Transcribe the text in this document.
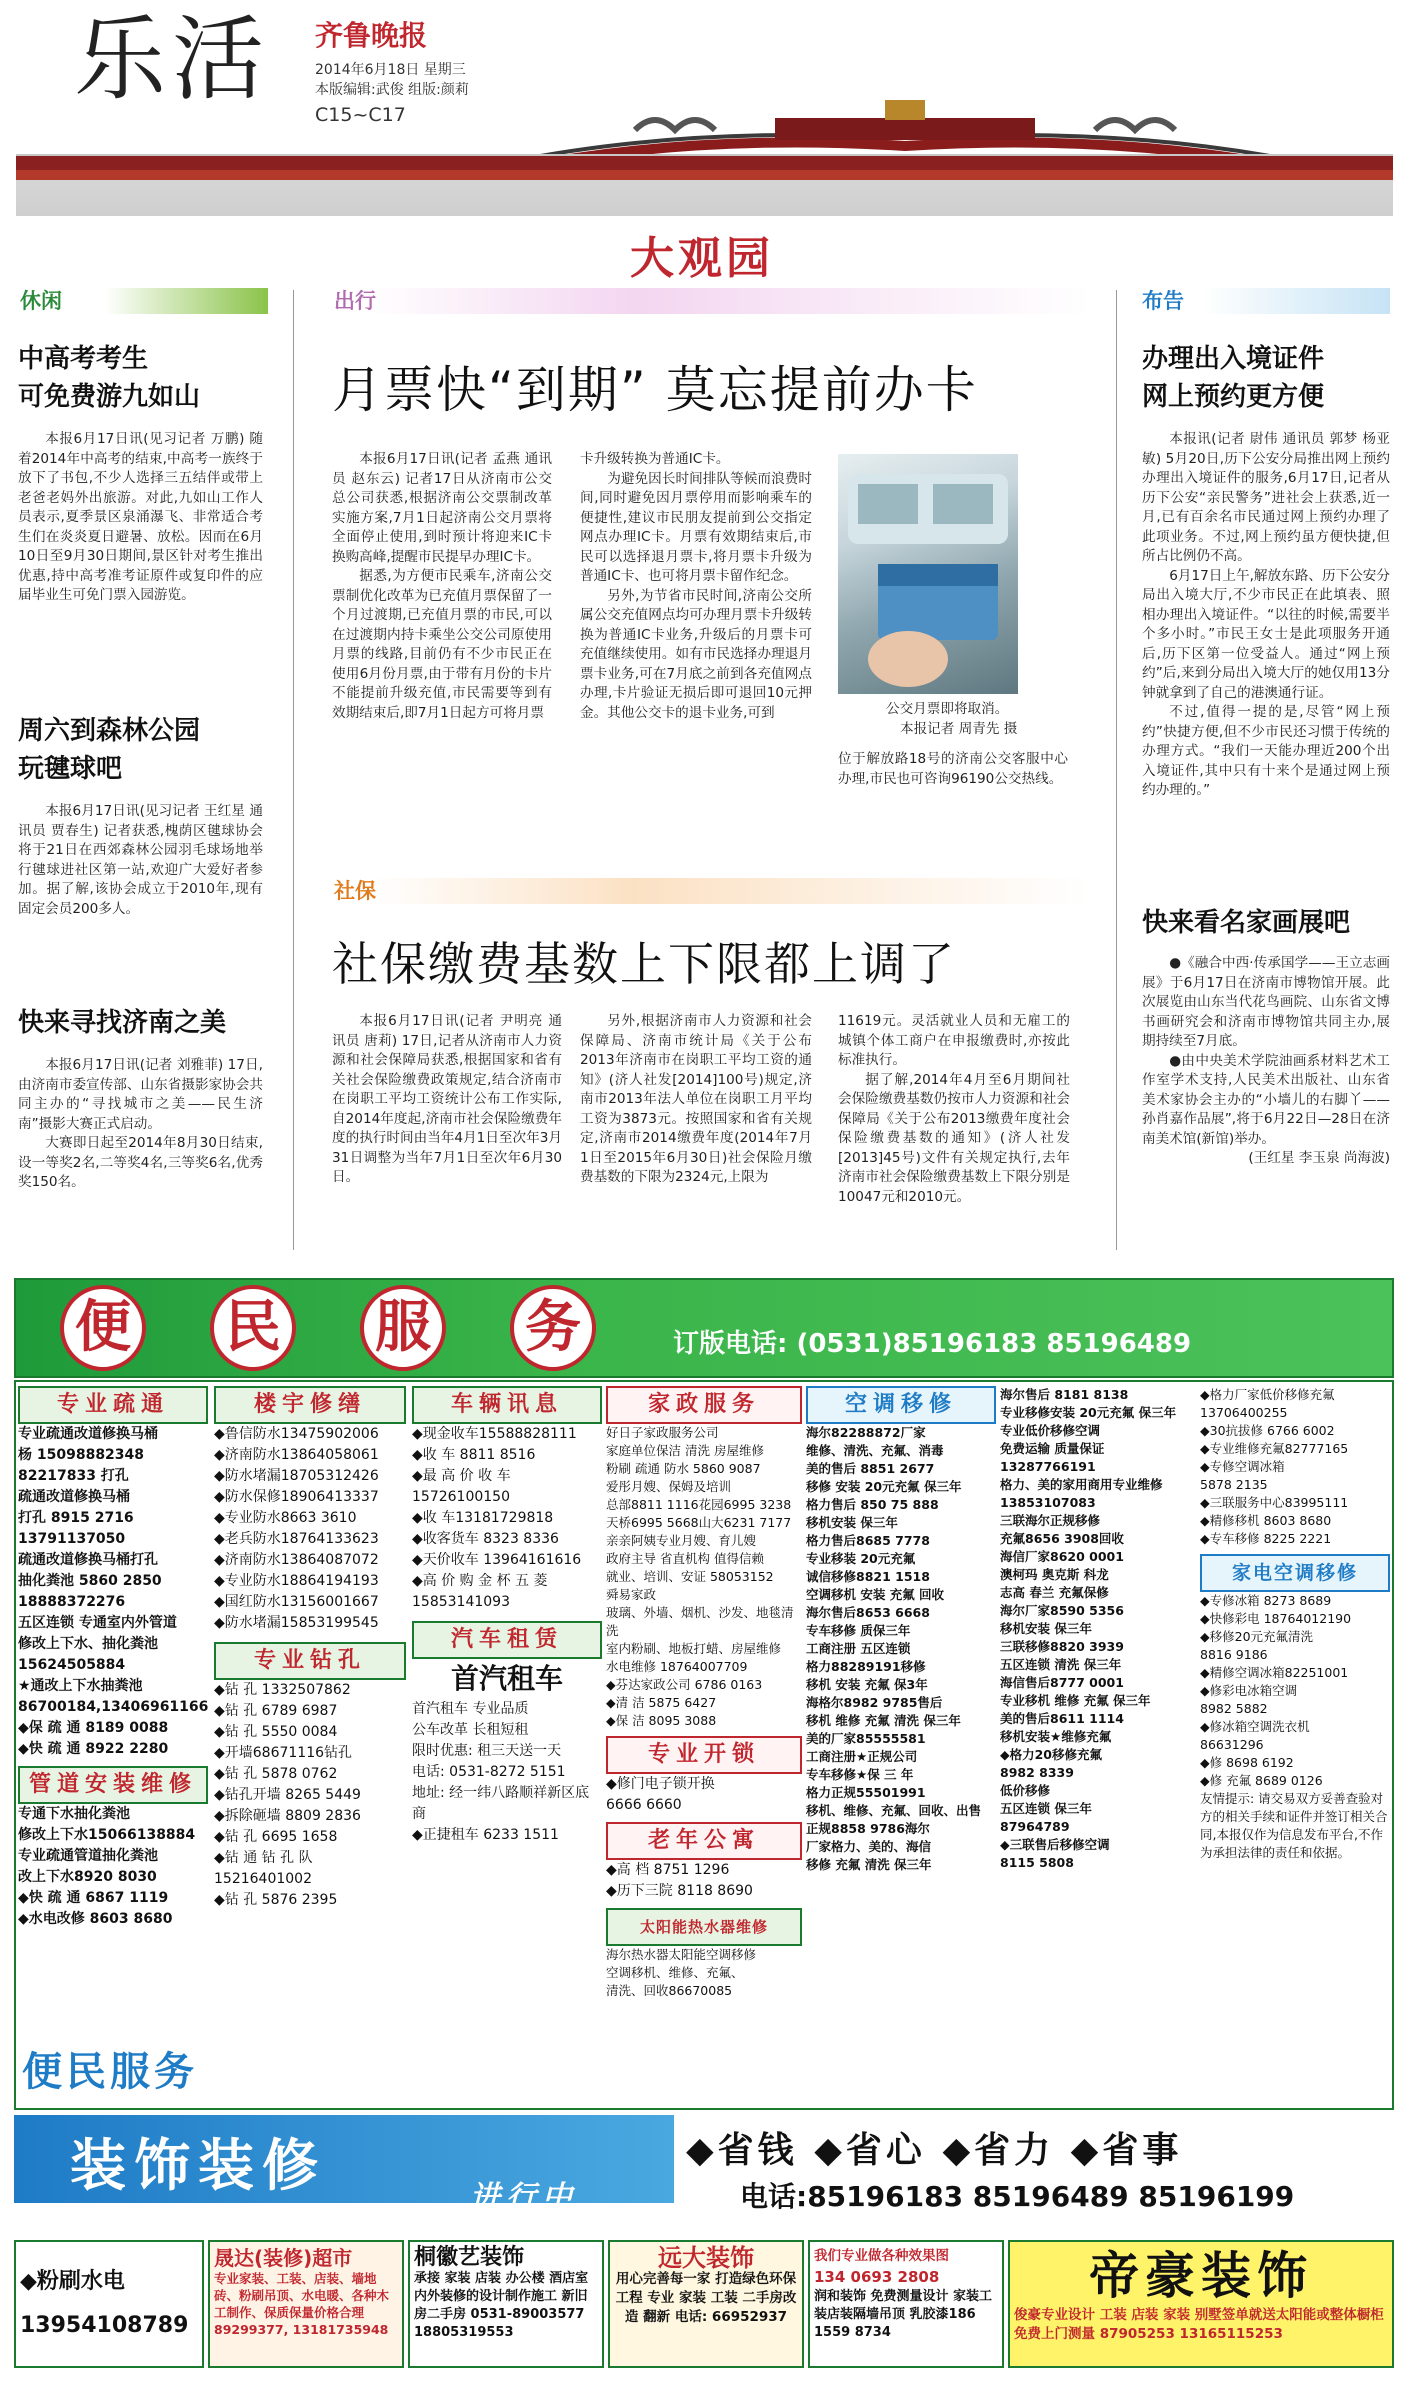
乐活 齐鲁晚报
2014年6月18日 星期三
本版编辑:武俊 组版:颜莉
C15~C17
大观园
休闲	出行	布告
中高考考生
可免费游九如山
本报6月17日讯(见习记者 万鹏) 随着2014年中高考的结束,中高考一族终于放下了书包,不少人选择三五结伴或带上老爸老妈外出旅游。对此,九如山工作人员表示,夏季景区泉涌瀑飞、非常适合考生们在炎炎夏日避暑、放松。因而在6月10日至9月30日期间,景区针对考生推出优惠,持中高考准考证原件或复印件的应届毕业生可免门票入园游览。
周六到森林公园
玩毽球吧
本报6月17日讯(见习记者 王红星 通讯员 贾春生) 记者获悉,槐荫区毽球协会将于21日在西郊森林公园羽毛球场地举行毽球进社区第一站,欢迎广大爱好者参加。据了解,该协会成立于2010年,现有固定会员200多人。
快来寻找济南之美
本报6月17日讯(记者 刘雅菲) 17日,由济南市委宣传部、山东省摄影家协会共同主办的“寻找城市之美——民生济南”摄影大赛正式启动。
大赛即日起至2014年8月30日结束,设一等奖2名,二等奖4名,三等奖6名,优秀奖150名。
月票快“到期” 莫忘提前办卡
本报6月17日讯(记者 孟燕 通讯员 赵东云) 记者17日从济南市公交总公司获悉,根据济南公交票制改革实施方案,7月1日起济南公交月票将全面停止使用,到时预计将迎来IC卡换购高峰,提醒市民提早办理IC卡。
据悉,为方便市民乘车,济南公交票制优化改革为已充值月票保留了一个月过渡期,已充值月票的市民,可以在过渡期内持卡乘坐公交公司原使用月票的线路,目前仍有不少市民正在使用6月份月票,由于带有月份的卡片不能提前升级充值,市民需要等到有效期结束后,即7月1日起方可将月票
卡升级转换为普通IC卡。
为避免因长时间排队等候而浪费时间,同时避免因月票停用而影响乘车的便捷性,建议市民朋友提前到公交指定网点办理IC卡。月票有效期结束后,市民可以选择退月票卡,将月票卡升级为普通IC卡、也可将月票卡留作纪念。
另外,为节省市民时间,济南公交所属公交充值网点均可办理月票卡升级转换为普通IC卡业务,升级后的月票卡可充值继续使用。如有市民选择办理退月票卡业务,可在7月底之前到各充值网点办理,卡片验证无损后即可退回10元押金。其他公交卡的退卡业务,可到	公交月票即将取消。
本报记者 周青先 摄
位于解放路18号的济南公交客服中心办理,市民也可咨询96190公交热线。
社保
社保缴费基数上下限都上调了
本报6月17日讯(记者 尹明亮 通讯员 唐莉) 17日,记者从济南市人力资源和社会保障局获悉,根据国家和省有关社会保险缴费政策规定,结合济南市在岗职工平均工资统计公布工作实际,自2014年度起,济南市社会保险缴费年度的执行时间由当年4月1日至次年3月31日调整为当年7月1日至次年6月30日。
另外,根据济南市人力资源和社会保障局、济南市统计局《关于公布2013年济南市在岗职工平均工资的通知》(济人社发[2014]100号)规定,济南市2013年法人单位在岗职工月平均工资为3873元。按照国家和省有关规定,济南市2014缴费年度(2014年7月1日至2015年6月30日)社会保险月缴费基数的下限为2324元,上限为
11619元。灵活就业人员和无雇工的城镇个体工商户在申报缴费时,亦按此标准执行。
据了解,2014年4月至6月期间社会保险缴费基数仍按市人力资源和社会保障局《关于公布2013缴费年度社会保险缴费基数的通知》(济人社发[2013]45号)文件有关规定执行,去年济南市社会保险缴费基数上下限分别是10047元和2010元。
办理出入境证件
网上预约更方便
本报讯(记者 尉伟 通讯员 郭梦 杨亚敏) 5月20日,历下公安分局推出网上预约办理出入境证件的服务,6月17日,记者从历下公安“亲民警务”进社会上获悉,近一月,已有百余名市民通过网上预约办理了此项业务。不过,网上预约虽方便快捷,但所占比例仍不高。
6月17日上午,解放东路、历下公安分局出入境大厅,不少市民正在此填表、照相办理出入境证件。“以往的时候,需要半个多小时。”市民王女士是此项服务开通后,历下区第一位受益人。通过“网上预约”后,来到分局出入境大厅的她仅用13分钟就拿到了自己的港澳通行证。
不过,值得一提的是,尽管“网上预约”快捷方便,但不少市民还习惯于传统的办理方式。“我们一天能办理近200个出入境证件,其中只有十来个是通过网上预约办理的。”
快来看名家画展吧
●《融合中西·传承国学——王立志画展》于6月17日在济南市博物馆开展。此次展览由山东当代花鸟画院、山东省文博书画研究会和济南市博物馆共同主办,展期持续至7月底。
●由中央美术学院油画系材料艺术工作室学术支持,人民美术出版社、山东省美术家协会主办的“小墙儿的右脚丫——孙肖嘉作品展”,将于6月22日—28日在济南美术馆(新馆)举办。
(王红星 李玉泉 尚海波)
便 民 服 务	订版电话: (0531)85196183 85196489
专业疏通
专业疏通改道修换马桶
杨 15098882348
82217833 打孔
疏通改道修换马桶
打孔 8915 2716
13791137050
疏通改道修换马桶打孔
抽化粪池 5860 2850
18888372276
五区连锁 专通室内外管道
修改上下水、抽化粪池
15624505884
★通改上下水抽粪池
86700184,13406961166
◆保 疏 通 8189 0088
◆快 疏 通 8922 2280
管道安装维修
专通下水抽化粪池
修改上下水15066138884
专业疏通管道抽化粪池
改上下水8920 8030
◆快 疏 通 6867 1119
◆水电改修 8603 8680
楼宇修缮
◆鲁信防水13475902006
◆济南防水13864058061
◆防水堵漏18705312426
◆防水保修18906413337
◆专业防水8663 3610
◆老兵防水18764133623
◆济南防水13864087072
◆专业防水18864194193
◆国红防水13156001667
◆防水堵漏15853199545
专业钻孔
◆钻 孔 1332507862
◆钻 孔 6789 6987
◆钻 孔 5550 0084
◆开墙68671116钻孔
◆钻 孔 5878 0762
◆钻孔开墙 8265 5449
◆拆除砸墙 8809 2836
◆钻 孔 6695 1658
◆钻 通 钻 孔 队
15216401002
◆钻 孔 5876 2395
车辆讯息
◆现金收车15588828111
◆收 车 8811 8516
◆最 高 价 收 车
15726100150
◆收 车13181729818
◆收客货车 8323 8336
◆天价收车 13964161616
◆高 价 购 金 杯 五 菱
15853141093
汽车租赁
首汽租车
首汽租车 专业品质
公车改革 长租短租
限时优惠: 租三天送一天
电话: 0531-8272 5151
地址: 经一纬八路顺祥新区底商
◆正捷租车 6233 1511
家政服务
好日子家政服务公司
家庭单位保洁 清洗 房屋维修
粉刷 疏通 防水 5860 9087
爱彤月嫂、保姆及培训
总部8811 1116花园6995 3238
天桥6995 5668山大6231 7177
亲亲阿姨专业月嫂、育儿嫂
政府主导 省直机构 值得信赖
就业、培训、安证 58053152
舜易家政
玻璃、外墙、烟机、沙发、地毯清洗
室内粉刷、地板打蜡、房屋维修
水电维修 18764007709
◆芬达家政公司 6786 0163
◆清 洁 5875 6427
◆保 洁 8095 3088
专业开锁
◆修门电子锁开换
6666 6660
老年公寓
◆高 档 8751 1296
◆历下三院 8118 8690
太阳能热水器维修
海尔热水器太阳能空调移修
空调移机、维修、充氟、
清洗、回收86670085
空调移修
海尔82288872厂家
维修、清洗、充氟、消毒
美的售后 8851 2677
移修 安装 20元充氟 保三年
格力售后 850 75 888
移机安装 保三年
格力售后8685 7778
专业移装 20元充氟
诚信移修8821 1518
空调移机 安装 充氟 回收
海尔售后8653 6668
专车移修 质保三年
工商注册 五区连锁
格力88289191移修
移机 安装 充氟 保3年
海格尔8982 9785售后
移机 维修 充氟 清洗 保三年
美的厂家85555581
工商注册★正规公司
专车移修★保 三 年
格力正规55501991
移机、维修、充氟、回收、出售
正规8858 9786海尔
厂家格力、美的、海信
移修 充氟 清洗 保三年
海尔售后 8181 8138
专业移修安装 20元充氟 保三年
专业低价移修空调
免费运输 质量保证
13287766191
格力、美的家用商用专业维修
13853107083
三联海尔正规移修
充氟8656 3908回收
海信厂家8620 0001
澳柯玛 奥克斯 科龙
志高 春兰 充氟保修
海尔厂家8590 5356
移机安装 保三年
三联移修8820 3939
五区连锁 清洗 保三年
海信售后8777 0001
专业移机 维修 充氟 保三年
美的售后8611 1114
移机安装★维修充氟
◆格力20移修充氟
8982 8339
低价移修
五区连锁 保三年
87964789
◆三联售后移修空调
8115 5808
◆格力厂家低价移修充氟
13706400255
◆30抗拔修 6766 6002
◆专业维修充氟82777165
◆专修空调冰箱
5878 2135
◆三联服务中心83995111
◆精修移机 8603 8680
◆专车移修 8225 2221
家电空调移修
◆专修冰箱 8273 8689
◆快修彩电 18764012190
◆移修20元充氟清洗
8816 9186
◆精修空调冰箱82251001
◆修彩电冰箱空调
8982 5882
◆修冰箱空调洗衣机
86631296
◆修 8698 6192
◆修 充氟 8689 0126
友情提示: 请交易双方妥善查验对方的相关手续和证件并签订相关合同,本报仅作为信息发布平台,不作为承担法律的责任和依据。
便民服务
装饰装修	进行中
◆省钱 ◆省心 ◆省力 ◆省事
电话:85196183 85196489 85196199
◆粉刷水电
13954108789
晟达(装修)超市
专业家装、工装、店装、墙地砖、粉刷吊顶、水电暖、各种木工制作、保质保量价格合理 89299377, 13181735948
桐徽艺装饰
承接 家装 店装 办公楼 酒店室内外装修的设计制作施工 新旧房二手房 0531-89003577 18805319553
远大装饰
用心完善每一家 打造绿色环保工程 专业 家装 工装 二手房改造 翻新 电话: 66952937
我们专业做各种效果图
134 0693 2808
润和装饰 免费测量设计 家装工装店装隔墙吊顶 乳胶漆186 1559 8734
帝豪装饰
俊豪专业设计 工装 店装 家装 别墅签单就送太阳能或整体橱柜 免费上门测量 87905253 13165115253
